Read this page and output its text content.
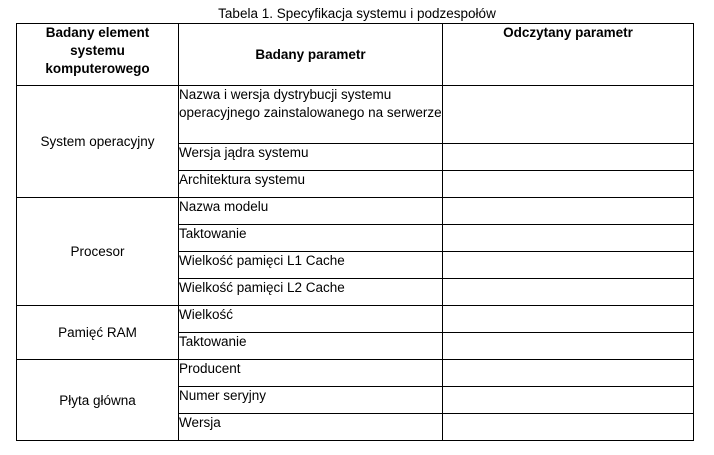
Tabela 1. Specyfikacja systemu i podzespołów
Badany element systemu komputerowego	Badany parametr	Odczytany parametr
System operacyjny	Nazwa i wersja dystrybucji systemu operacyjnego zainstalowanego na serwerze	
	Wersja jądra systemu	
	Architektura systemu	
Procesor	Nazwa modelu	
	Taktowanie	
	Wielkość pamięci L1 Cache	
	Wielkość pamięci L2 Cache	
Pamięć RAM	Wielkość	
	Taktowanie	
Płyta główna	Producent	
	Numer seryjny	
	Wersja	
